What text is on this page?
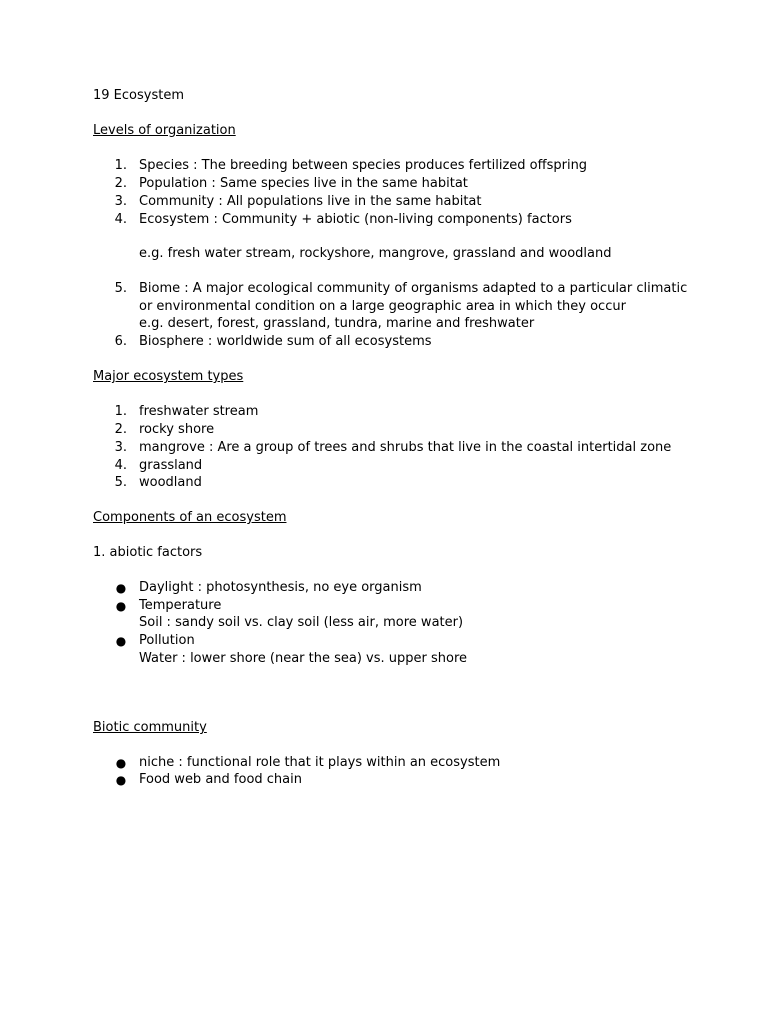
19 Ecosystem
Levels of organization
1. Species : The breeding between species produces fertilized offspring
2. Population : Same species live in the same habitat
3. Community : All populations live in the same habitat
4. Ecosystem : Community + abiotic (non-living components) factors
e.g. fresh water stream, rockyshore, mangrove, grassland and woodland
5. Biome : A major ecological community of organisms adapted to a particular climatic
or environmental condition on a large geographic area in which they occur
e.g. desert, forest, grassland, tundra, marine and freshwater
6. Biosphere : worldwide sum of all ecosystems
Major ecosystem types
1. freshwater stream
2. rocky shore
3. mangrove : Are a group of trees and shrubs that live in the coastal intertidal zone
4. grassland
5. woodland
Components of an ecosystem
1. abiotic factors
● Daylight : photosynthesis, no eye organism
● Temperature
Soil : sandy soil vs. clay soil (less air, more water)
● Pollution
Water : lower shore (near the sea) vs. upper shore
Biotic community
● niche : functional role that it plays within an ecosystem
● Food web and food chain
